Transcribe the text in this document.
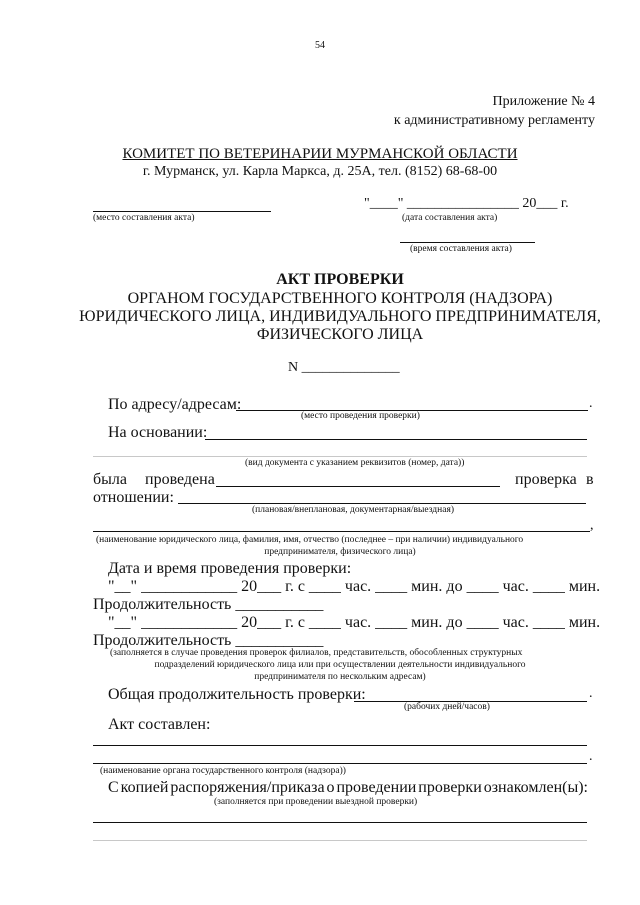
54
Приложение № 4
к административному регламенту
КОМИТЕТ ПО ВЕТЕРИНАРИИ МУРМАНСКОЙ ОБЛАСТИ
г. Мурманск, ул. Карла Маркса, д. 25А, тел. (8152) 68-68-00
(место составления акта)
"____" ________________ 20___ г.
(дата составления акта)
(время составления акта)
АКТ ПРОВЕРКИ
ОРГАНОМ ГОСУДАРСТВЕННОГО КОНТРОЛЯ (НАДЗОРА)
ЮРИДИЧЕСКОГО ЛИЦА, ИНДИВИДУАЛЬНОГО ПРЕДПРИНИМАТЕЛЯ,
ФИЗИЧЕСКОГО ЛИЦА
N ______________
По адресу/адресам:	.
(место проведения проверки)
На основании:
(вид документа с указанием реквизитов (номер, дата))
была проведена	проверка в
отношении:
(плановая/внеплановая, документарная/выездная)
,
(наименование юридического лица, фамилия, имя, отчество (последнее – при наличии) индивидуального
предпринимателя, физического лица)
Дата и время проведения проверки:
"__" ____________ 20___ г. с ____ час. ____ мин. до ____ час. ____ мин.
Продолжительность ___________
"__" ____________ 20___ г. с ____ час. ____ мин. до ____ час. ____ мин.
Продолжительность ___________
(заполняется в случае проведения проверок филиалов, представительств, обособленных структурных
подразделений юридического лица или при осуществлении деятельности индивидуального
предпринимателя по нескольким адресам)
Общая продолжительность проверки:	.
(рабочих дней/часов)
Акт составлен:
.
(наименование органа государственного контроля (надзора))
С копией распоряжения/приказа о проведении проверки ознакомлен(ы):
(заполняется при проведении выездной проверки)
